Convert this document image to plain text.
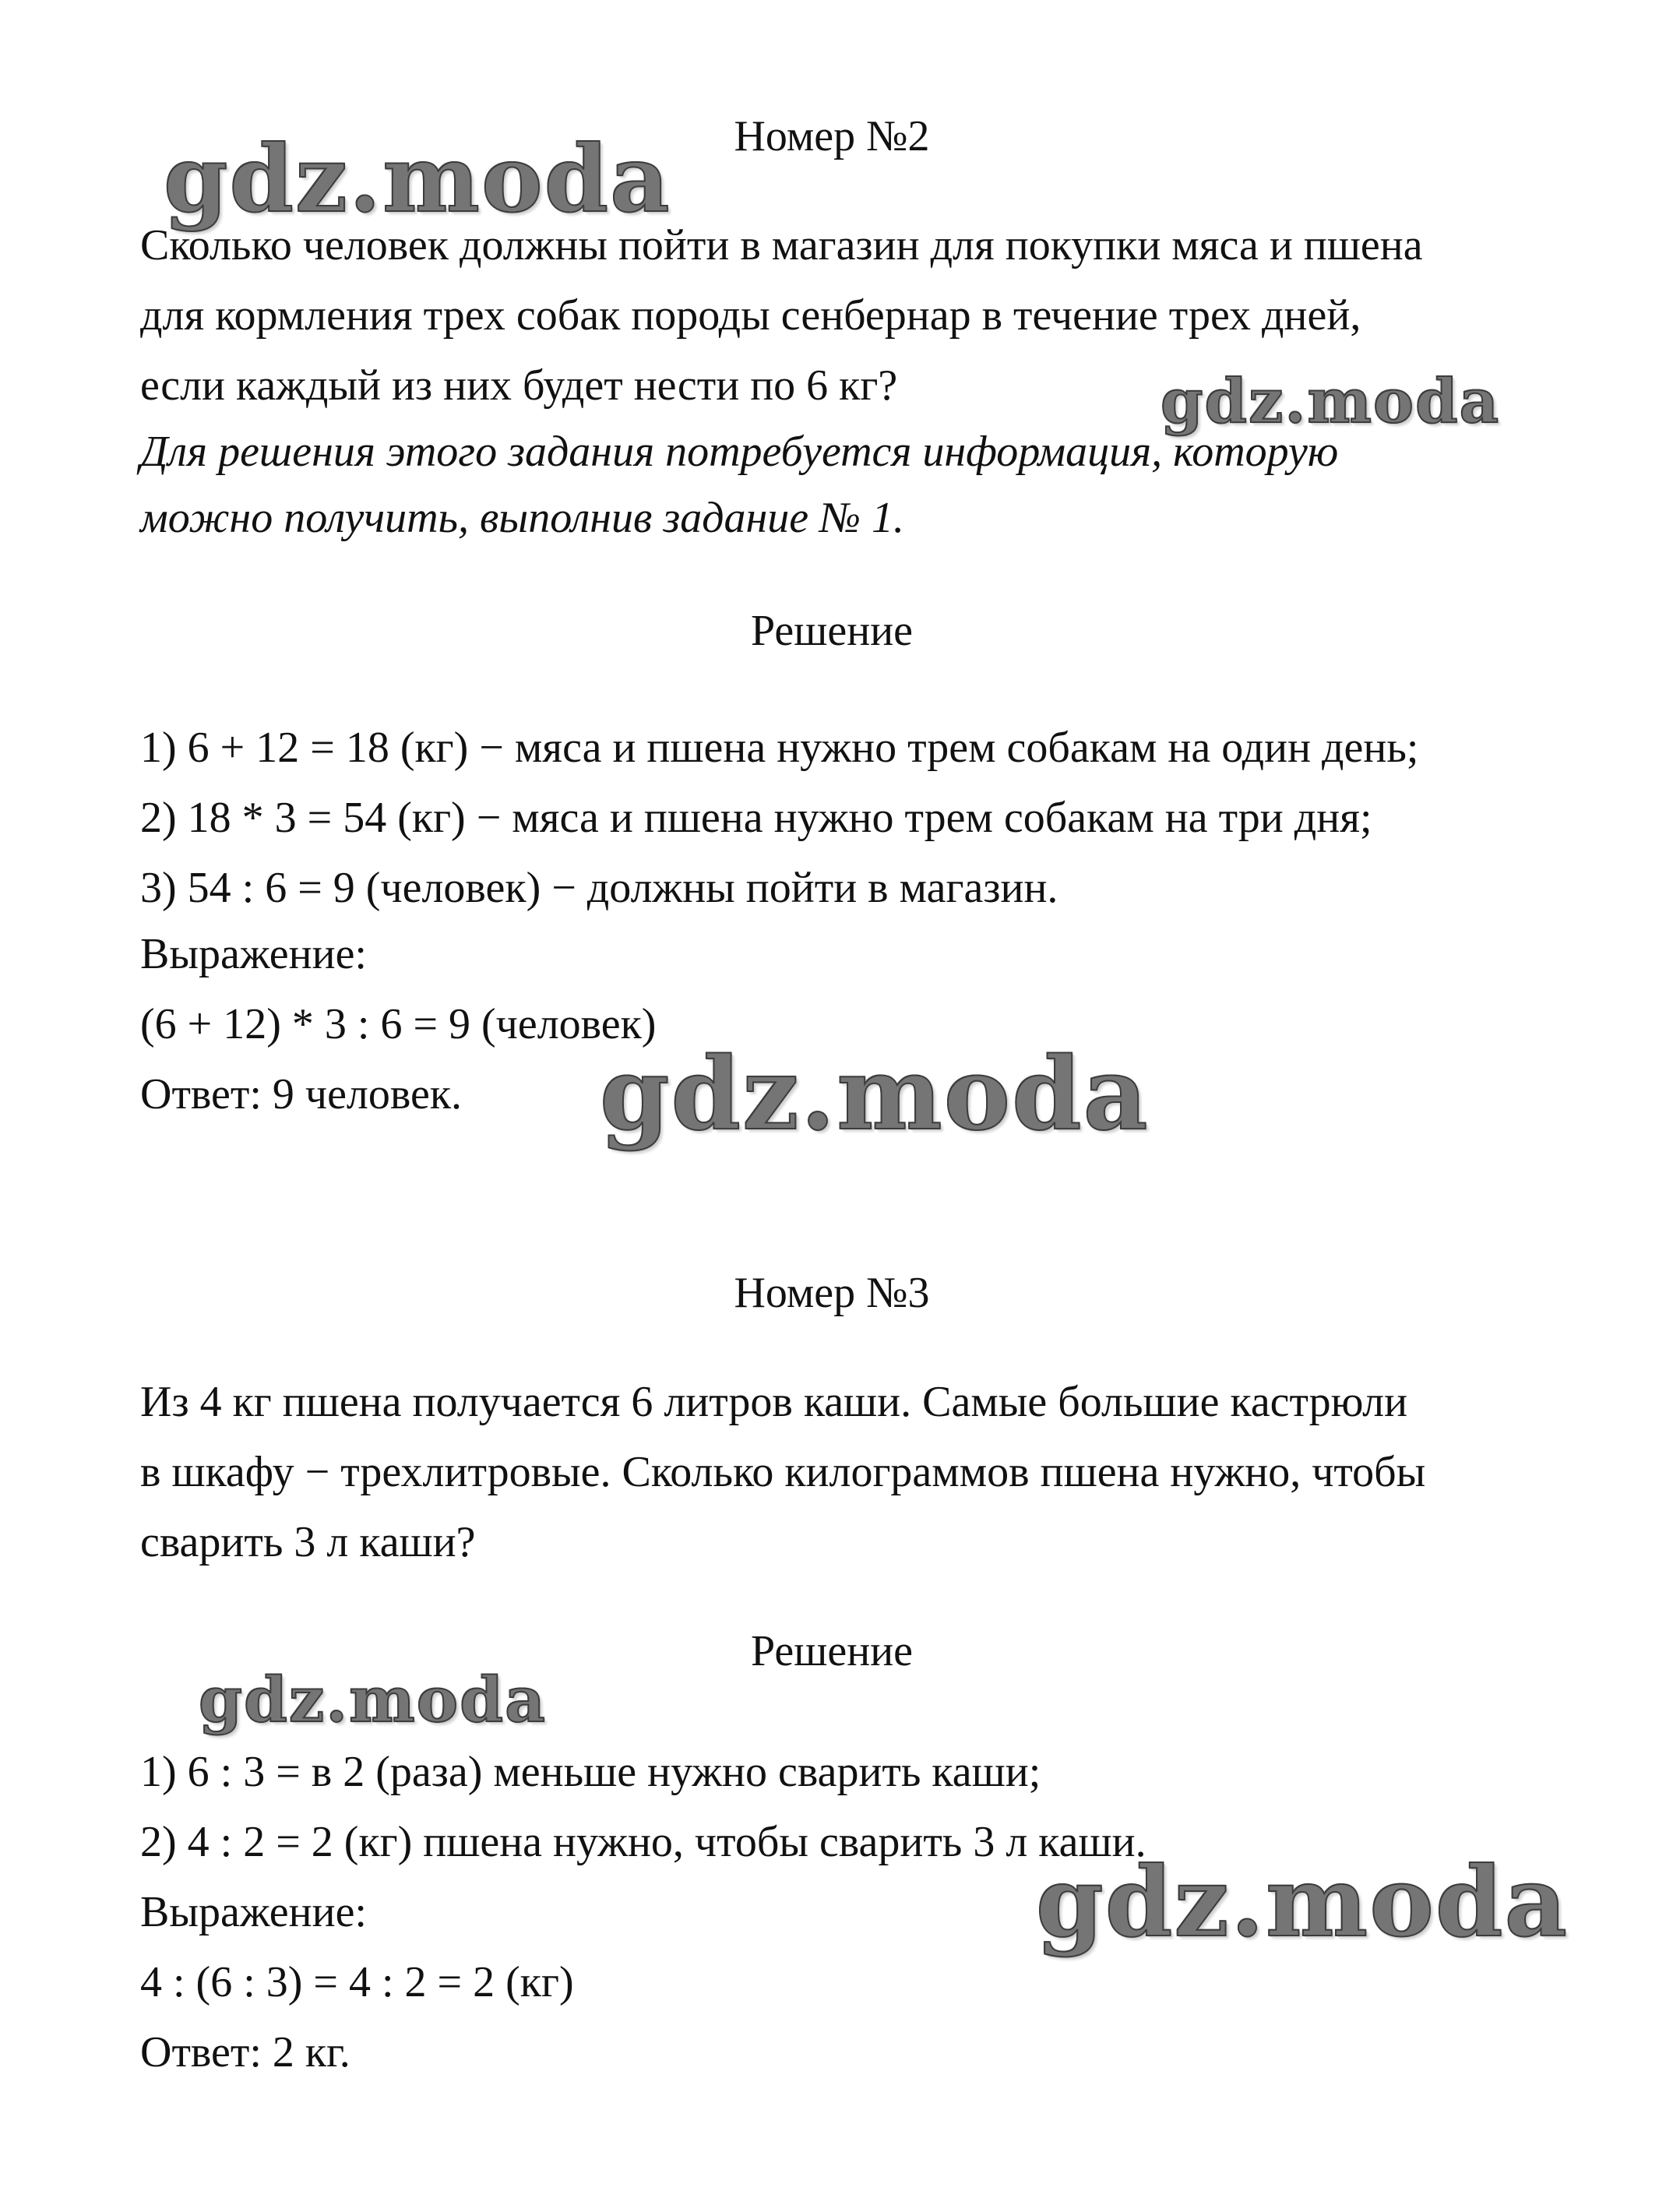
Номер №2
Сколько человек должны пойти в магазин для покупки мяса и пшена
для кормления трех собак породы сенбернар в течение трех дней,
если каждый из них будет нести по 6 кг?
Для решения этого задания потребуется информация, которую
можно получить, выполнив задание № 1.
Решение
1) 6 + 12 = 18 (кг) − мяса и пшена нужно трем собакам на один день;
2) 18 * 3 = 54 (кг) − мяса и пшена нужно трем собакам на три дня;
3) 54 : 6 = 9 (человек) − должны пойти в магазин.
Выражение:
(6 + 12) * 3 : 6 = 9 (человек)
Ответ: 9 человек.
Номер №3
Из 4 кг пшена получается 6 литров каши. Самые большие кастрюли
в шкафу − трехлитровые. Сколько килограммов пшена нужно, чтобы
сварить 3 л каши?
Решение
1) 6 : 3 = в 2 (раза) меньше нужно сварить каши;
2) 4 : 2 = 2 (кг) пшена нужно, чтобы сварить 3 л каши.
Выражение:
4 : (6 : 3) = 4 : 2 = 2 (кг)
Ответ: 2 кг.
gdz.moda
gdz.moda
gdz.moda
gdz.moda
gdz.moda
